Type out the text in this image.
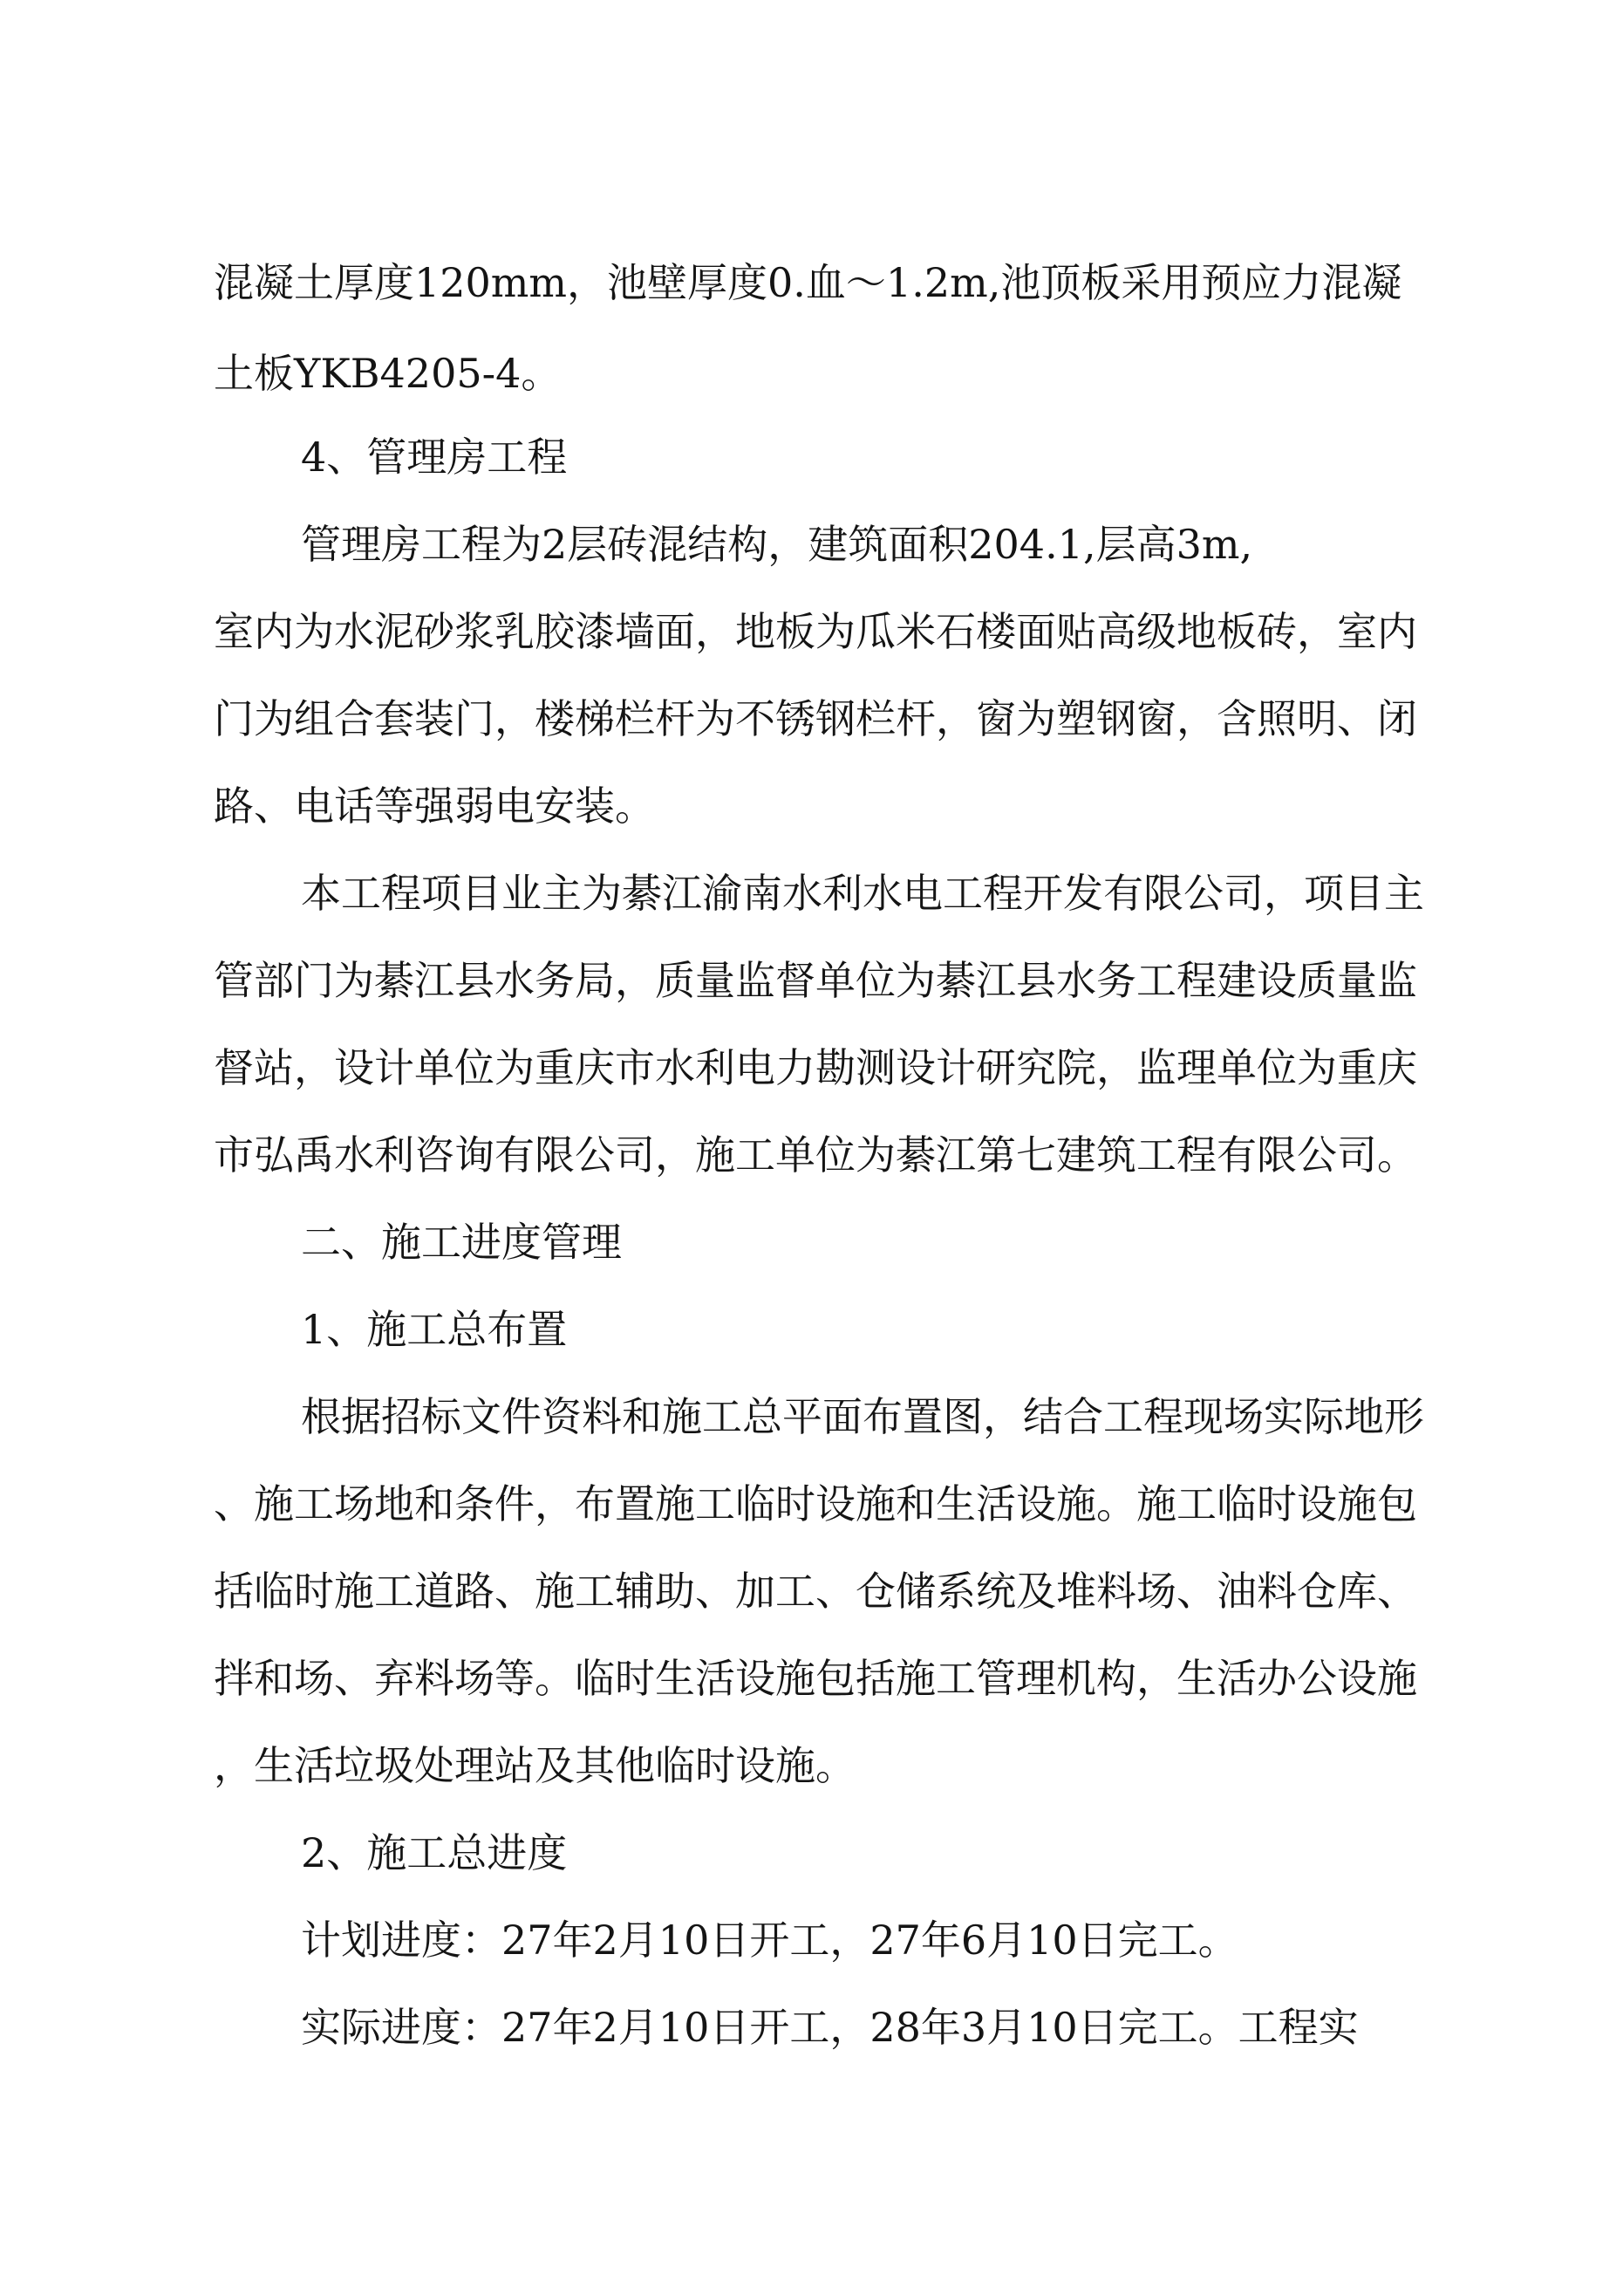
混凝土厚度120mm，池壁厚度0.血〜1.2m,池顶板采用预应力混凝
土板YKB4205-4。
4、管理房工程
管理房工程为2层砖混结构，建筑面积204.1,层高3m,
室内为水泥砂浆乳胶漆墙面，地板为瓜米石楼面贴高级地板砖，室内
门为组合套装门，楼梯栏杆为不锈钢栏杆，窗为塑钢窗，含照明、闭
路、电话等强弱电安装。
本工程项目业主为綦江渝南水利水电工程开发有限公司，项目主
管部门为綦江县水务局，质量监督单位为綦江县水务工程建设质量监
督站，设计单位为重庆市水利电力勘测设计研究院，监理单位为重庆
市弘禹水利咨询有限公司，施工单位为綦江第七建筑工程有限公司。
二、施工进度管理
1、施工总布置
根据招标文件资料和施工总平面布置图，结合工程现场实际地形
、施工场地和条件，布置施工临时设施和生活设施。施工临时设施包
括临时施工道路、施工辅助、加工、仓储系统及堆料场、油料仓库、
拌和场、弃料场等。临时生活设施包括施工管理机构，生活办公设施
，生活垃圾处理站及其他临时设施。
2、施工总进度
计划进度：27年2月10日开工，27年6月10日完工。
实际进度：27年2月10日开工，28年3月10日完工。工程实
